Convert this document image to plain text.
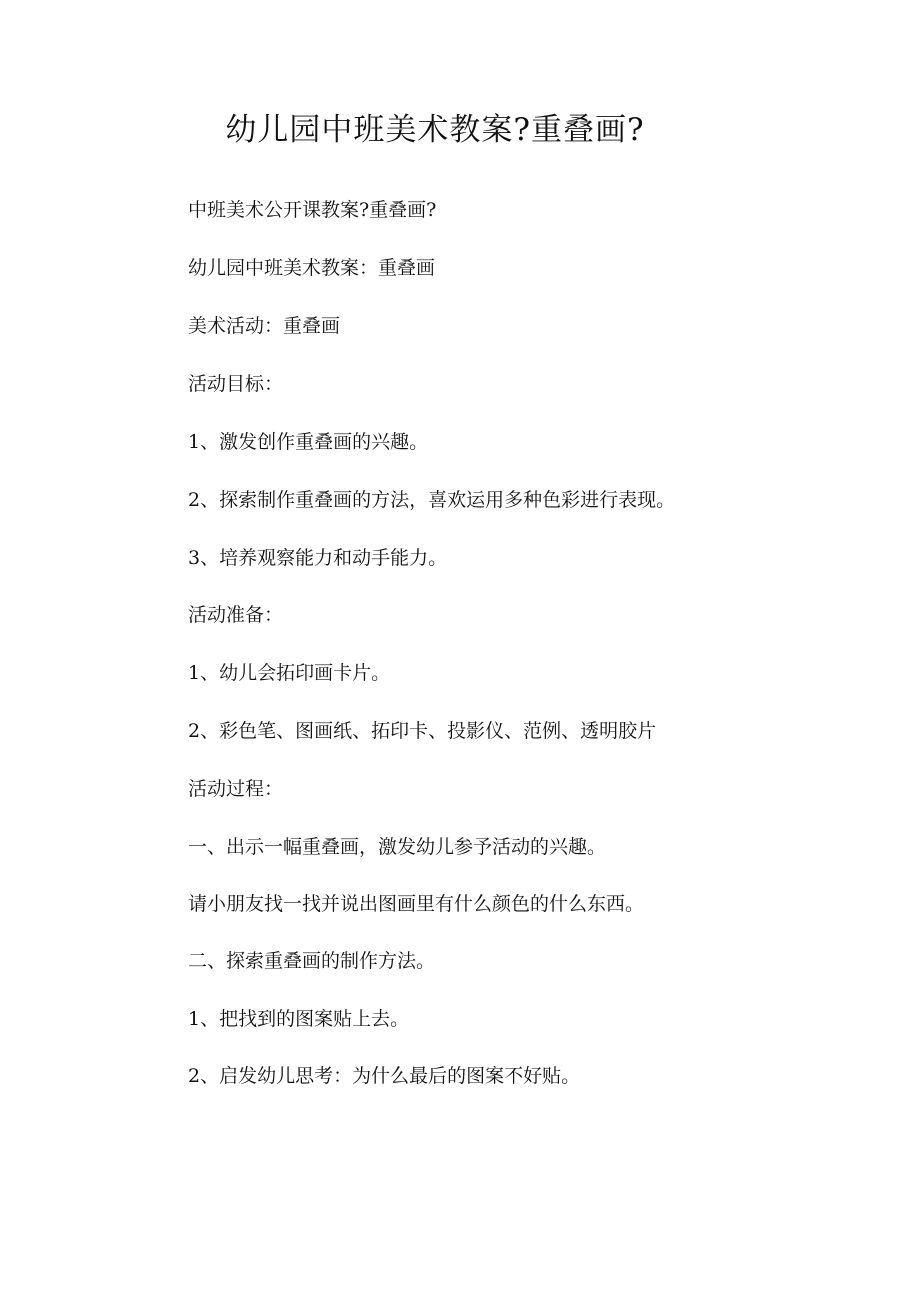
幼儿园中班美术教案?重叠画?
中班美术公开课教案?重叠画?
幼儿园中班美术教案：重叠画
美术活动：重叠画
活动目标：
1、激发创作重叠画的兴趣。
2、探索制作重叠画的方法，喜欢运用多种色彩进行表现。
3、培养观察能力和动手能力。
活动准备：
1、幼儿会拓印画卡片。
2、彩色笔、图画纸、拓印卡、投影仪、范例、透明胶片
活动过程：
一、出示一幅重叠画，激发幼儿参予活动的兴趣。
请小朋友找一找并说出图画里有什么颜色的什么东西。
二、探索重叠画的制作方法。
1、把找到的图案贴上去。
2、启发幼儿思考：为什么最后的图案不好贴。
